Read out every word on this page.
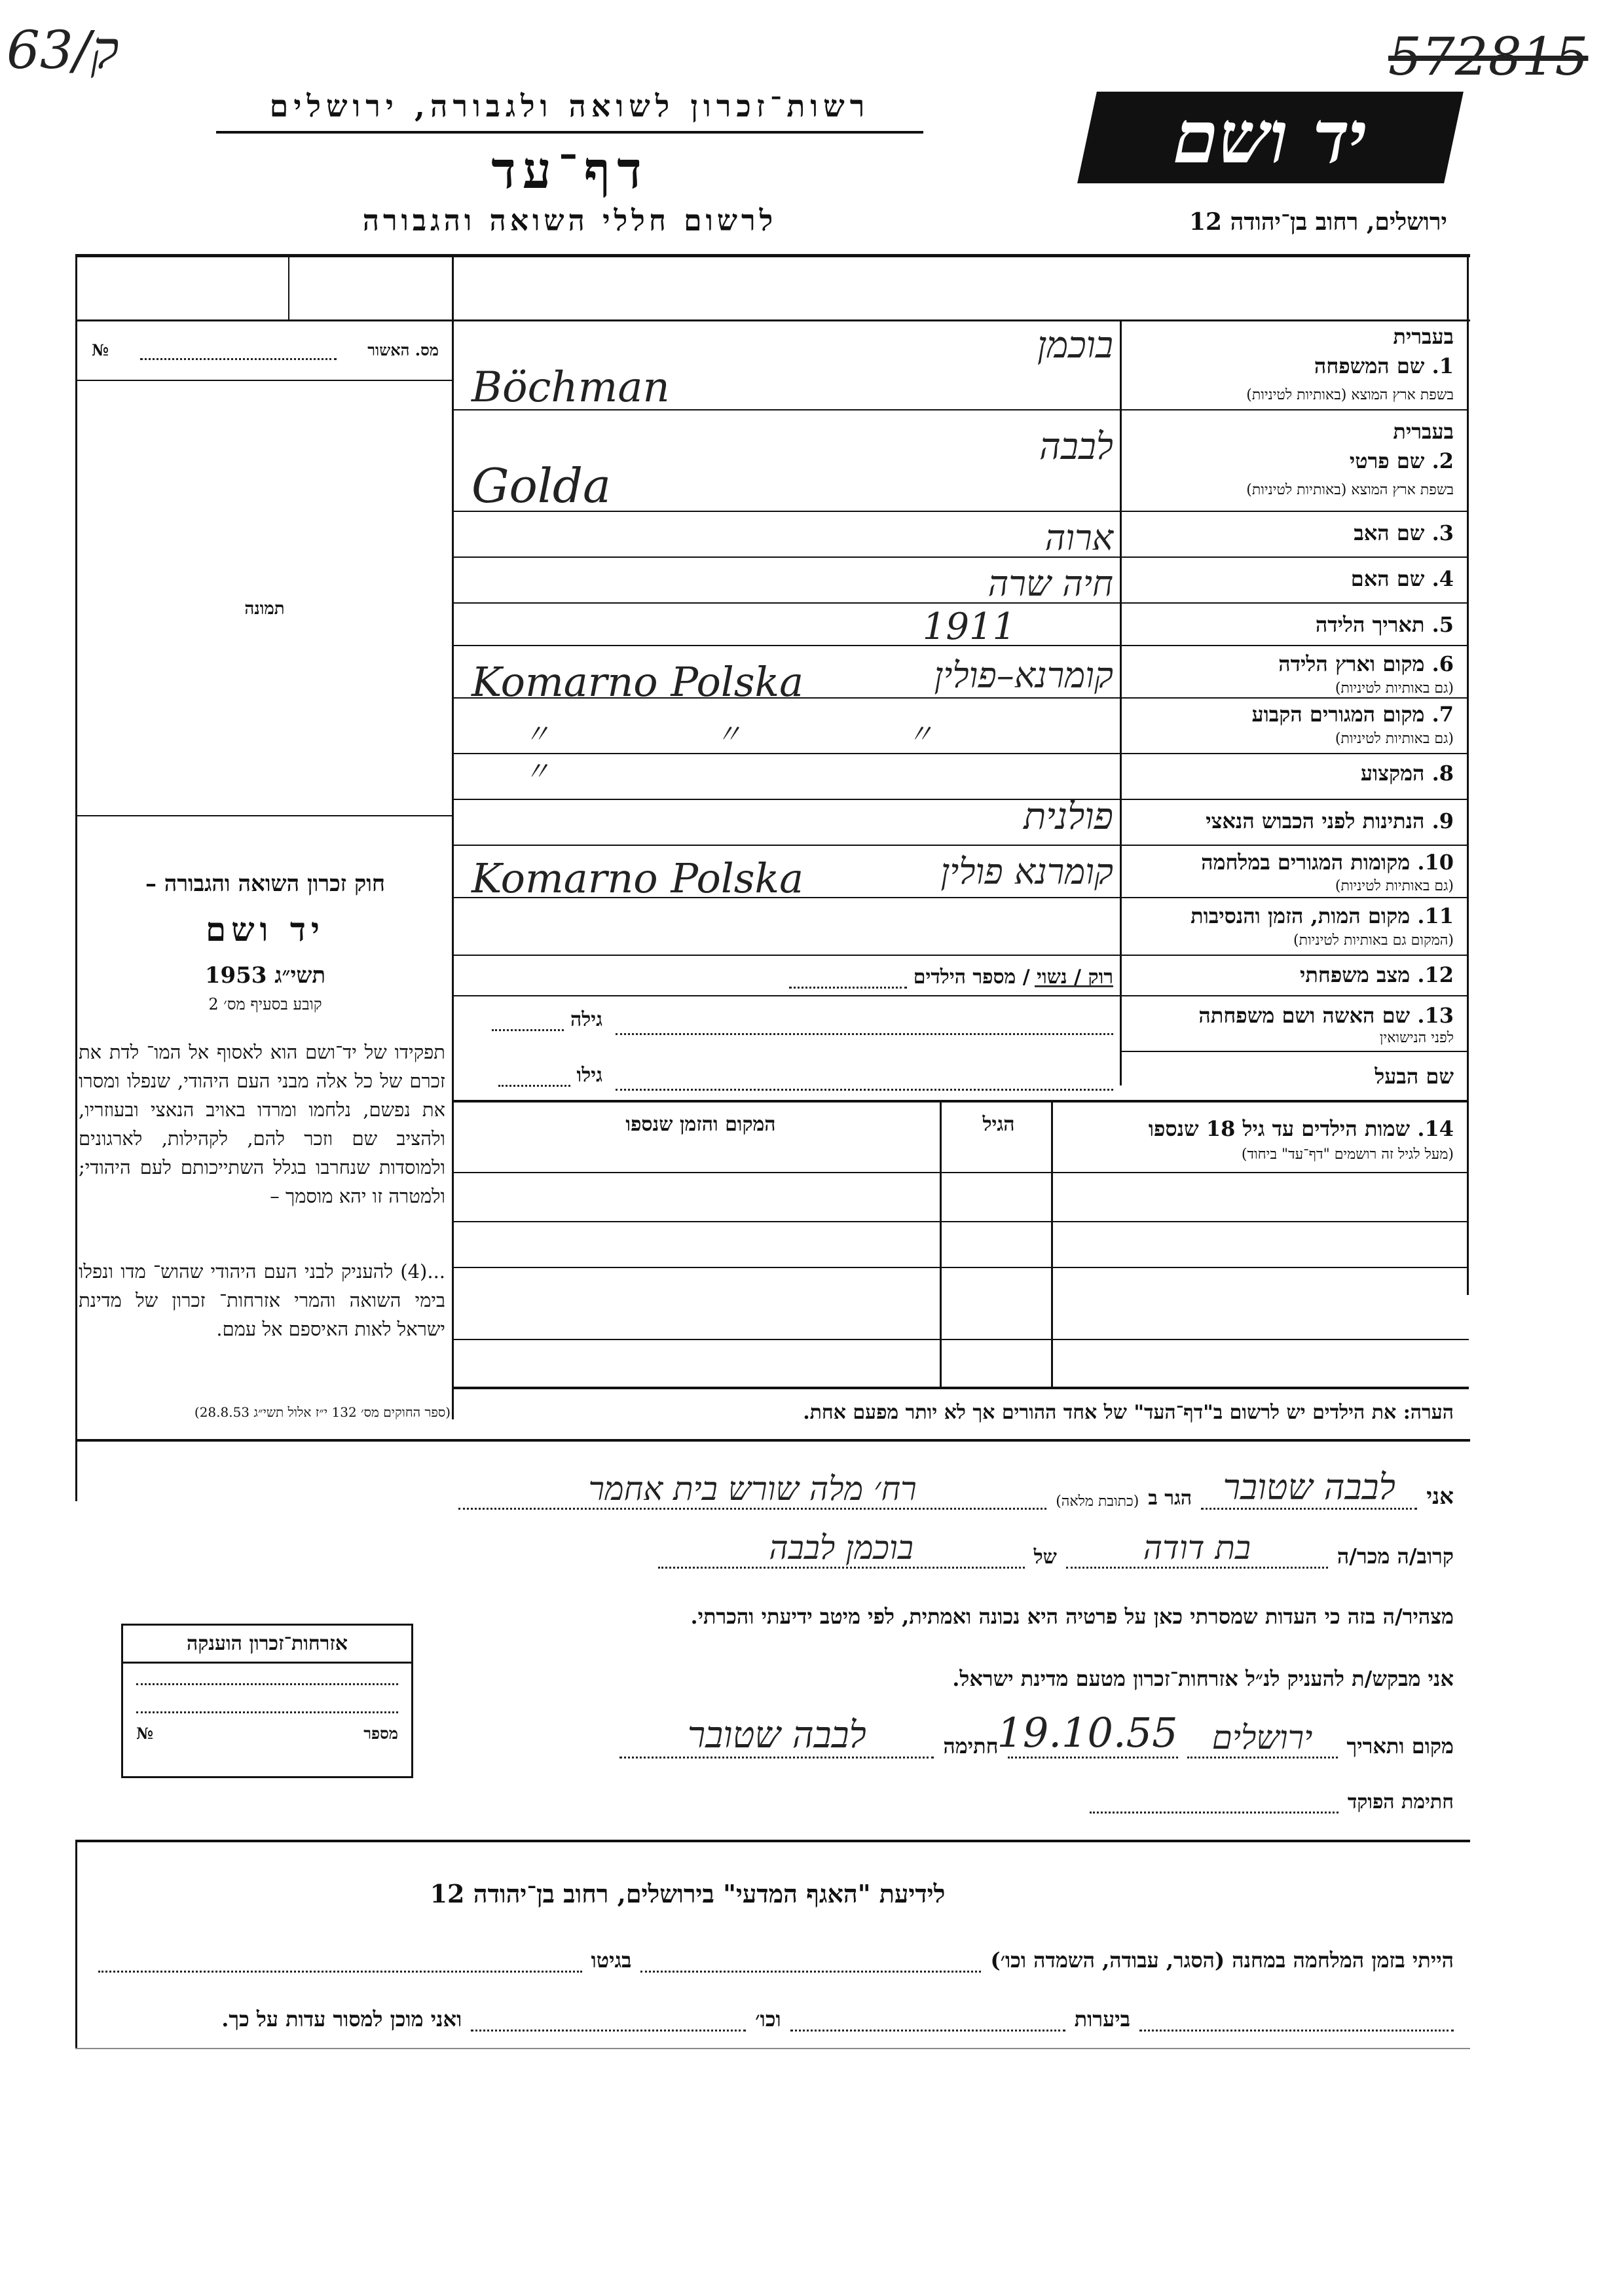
63/ק	572815
רשות־זכרון לשואה ולגבורה, ירושלים
דף־עד
לרשום חללי השואה והגבורה
יד ושם
ירושלים, רחוב בן־יהודה 12
מס. האשור
№
תמונה
חוק זכרון השואה והגבורה –
יד ושם
תשי״ג 1953
קובע בסעיף מס׳ 2
תפקידו של יד־ושם הוא לאסוף אל המו־ לדת את זכרם של כל אלה מבני העם היהודי, שנפלו ומסרו את נפשם, נלחמו ומרדו באויב הנאצי ובעוזריו, ולהציב שם וזכר להם, לקהילות, לארגונים ולמוסדות שנחרבו בגלל השתייכותם לעם היהודי; ולמטרה זו יהא מוסמך –
...(4) להעניק לבני העם היהודי שהוש־ מדו ונפלו בימי השואה והמרי אזרחות־ זכרון של מדינת ישראל לאות האיספם אל עמם.
(ספר החוקים מס׳ 132 י״ז אלול תשי״ג 28.8.53)
בעברית
1. שם המשפחה
בשפת ארץ המוצא (באותיות לטיניות)
בעברית
2. שם פרטי
בשפת ארץ המוצא (באותיות לטיניות)
3. שם האב
4. שם האם
5. תאריך הלידה
6. מקום וארץ הלידה
(גם באותיות לטיניות)
7. מקום המגורים הקבוע
(גם באותיות לטיניות)
8. המקצוע
9. הנתינות לפני הכבוש הנאצי
10. מקומות המגורים במלחמה
(גם באותיות לטיניות)
11. מקום המות, הזמן והנסיבות
(המקום גם באותיות לטיניות)
12. מצב משפחתי
13. שם האשה ושם משפחתה
לפני הנישואין
שם הבעל
בוכמן
Böchman
לבבה
Golda
ארוה
חיה שרה
1911
קומרנא–פולין
Komarno Polska
〃 〃 〃 〃
פולנית
קומרנא פולין
Komarno Polska
רוק / נשוי / מספר הילדים
גילה
גילו
14. שמות הילדים עד גיל 18 שנספו
(מעל לגיל זה רושמים "דף־עד" ביחוד)
הגיל
המקום והזמן שנספו
הערה: את הילדים יש לרשום ב"דף־העד" של אחד ההורים אך לא יותר מפעם אחת.
אני
לבבה שטובר
הגר ב
(כתובת מלאה)
רח׳ מלה שורש בית אחמר
קרוב/ה מכר/ה
בת דודה
של
בוכמן לבבה
מצהיר/ה בזה כי העדות שמסרתי כאן על פרטיה היא נכונה ואמתית, לפי מיטב ידיעתי והכרתי.
אני מבקש/ת להעניק לנ״ל אזרחות־זכרון מטעם מדינת ישראל.
מקום ותאריך
ירושלים
19.10.55
חתימה
לבבה שטובר
חתימת הפוקד
אזרחות־זכרון הוענקה
מספר
№
לידיעת "האגף המדעי" בירושלים, רחוב בן־יהודה 12
הייתי בזמן המלחמה במחנה (הסגר, עבודה, השמדה וכו׳)
בגיטו
ביערות
וכו׳
ואני מוכן למסור עדות על כך.
